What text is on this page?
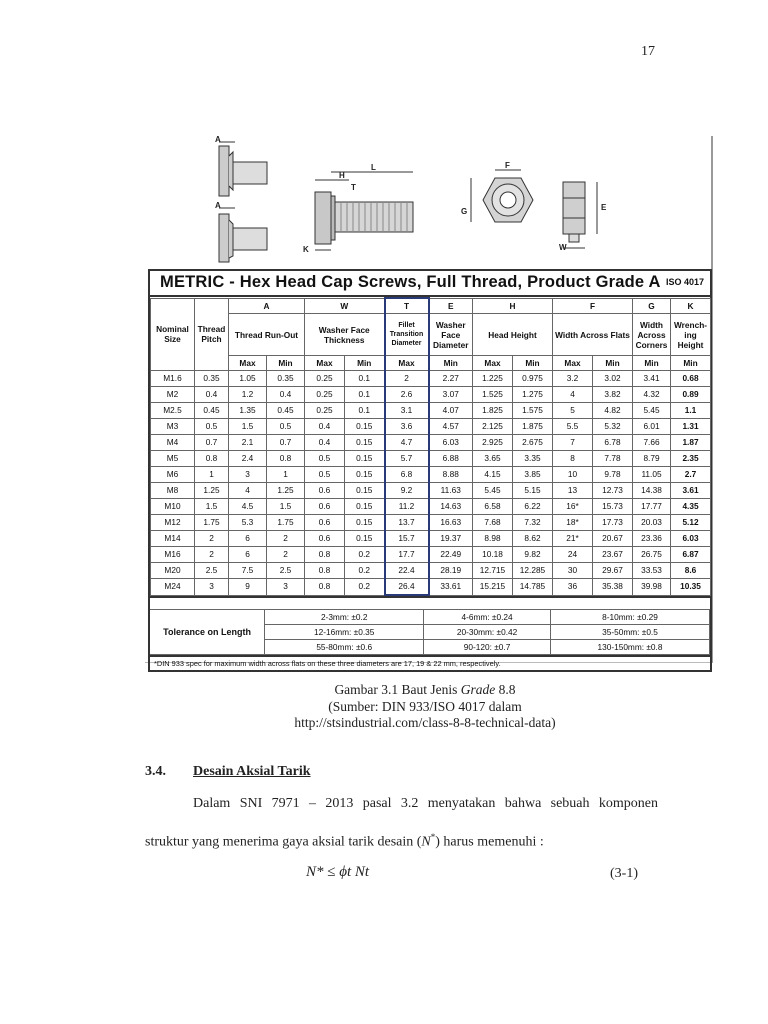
17
A
A
L
H
T
K
F
G	E
W
METRIC - Hex Head Cap Screws, Full Thread, Product Grade A ISO 4017
Nominal Size	Thread Pitch	A		W		T	E	H		F		G	K
		Thread Run-Out		Washer Face Thickness		Fillet Transition Diameter	Washer Face Diameter	Head Height		Width Across Flats		Width Across Corners	Wrench-ing Height
		Max	Min	Max	Min	Max	Min	Max	Min	Max	Min	Min	Min
M1.6	0.35	1.05	0.35	0.25	0.1	2	2.27	1.225	0.975	3.2	3.02	3.41	0.68
M2	0.4	1.2	0.4	0.25	0.1	2.6	3.07	1.525	1.275	4	3.82	4.32	0.89
M2.5	0.45	1.35	0.45	0.25	0.1	3.1	4.07	1.825	1.575	5	4.82	5.45	1.1
M3	0.5	1.5	0.5	0.4	0.15	3.6	4.57	2.125	1.875	5.5	5.32	6.01	1.31
M4	0.7	2.1	0.7	0.4	0.15	4.7	6.03	2.925	2.675	7	6.78	7.66	1.87
M5	0.8	2.4	0.8	0.5	0.15	5.7	6.88	3.65	3.35	8	7.78	8.79	2.35
M6	1	3	1	0.5	0.15	6.8	8.88	4.15	3.85	10	9.78	11.05	2.7
M8	1.25	4	1.25	0.6	0.15	9.2	11.63	5.45	5.15	13	12.73	14.38	3.61
M10	1.5	4.5	1.5	0.6	0.15	11.2	14.63	6.58	6.22	16*	15.73	17.77	4.35
M12	1.75	5.3	1.75	0.6	0.15	13.7	16.63	7.68	7.32	18*	17.73	20.03	5.12
M14	2	6	2	0.6	0.15	15.7	19.37	8.98	8.62	21*	20.67	23.36	6.03
M16	2	6	2	0.8	0.2	17.7	22.49	10.18	9.82	24	23.67	26.75	6.87
M20	2.5	7.5	2.5	0.8	0.2	22.4	28.19	12.715	12.285	30	29.67	33.53	8.6
M24	3	9	3	0.8	0.2	26.4	33.61	15.215	14.785	36	35.38	39.98	10.35
Tolerance on Length	2-3mm: ±0.2	4-6mm: ±0.24	8-10mm: ±0.29
	12-16mm: ±0.35	20-30mm: ±0.42	35-50mm: ±0.5
	55-80mm: ±0.6	90-120: ±0.7	130-150mm: ±0.8
*DIN 933 spec for maximum width across flats on these three diameters are 17, 19 & 22 mm, respectively.
Gambar 3.1 Baut Jenis Grade 8.8
(Sumber: DIN 933/ISO 4017 dalam
http://stsindustrial.com/class-8-8-technical-data)
3.4. Desain Aksial Tarik
Dalam SNI 7971 – 2013 pasal 3.2 menyatakan bahwa sebuah komponen
struktur yang menerima gaya aksial tarik desain (N*) harus memenuhi :
N* ≤ ϕt Nt	(3-1)
